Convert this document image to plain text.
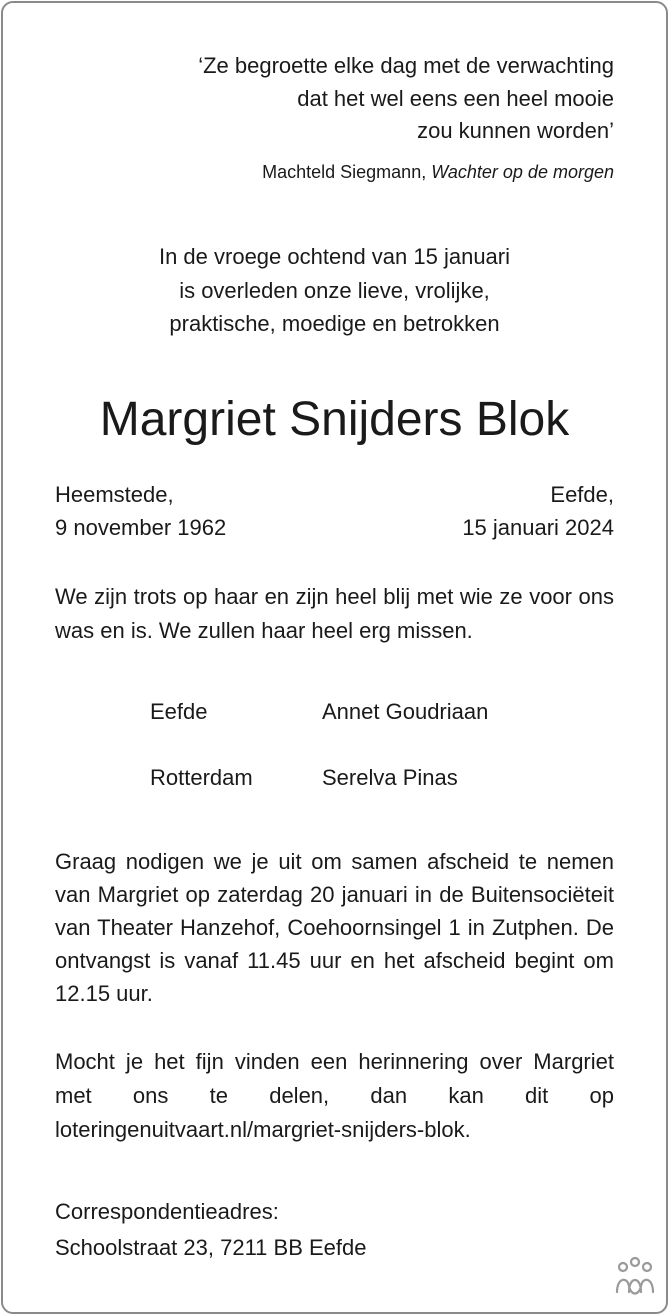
‘Ze begroette elke dag met de verwachting
dat het wel eens een heel mooie
zou kunnen worden’
Machteld Siegmann, Wachter op de morgen
In de vroege ochtend van 15 januari
is overleden onze lieve, vrolijke,
praktische, moedige en betrokken
Margriet Snijders Blok
Heemstede,
9 november 1962
Eefde,
15 januari 2024
We zijn trots op haar en zijn heel blij met wie ze voor ons was en is. We zullen haar heel erg missen.
Eefde	Annet Goudriaan
Rotterdam	Serelva Pinas
Graag nodigen we je uit om samen afscheid te nemen van Margriet op zaterdag 20 januari in de Buitensociëteit van Theater Hanzehof, Coehoornsingel 1 in Zutphen. De ontvangst is vanaf 11.45 uur en het afscheid begint om 12.15 uur.
Mocht je het fijn vinden een herinnering over Margriet met ons te delen, dan kan dit op loteringenuitvaart.nl/margriet-snijders-blok.
Correspondentieadres:
Schoolstraat 23, 7211 BB Eefde
